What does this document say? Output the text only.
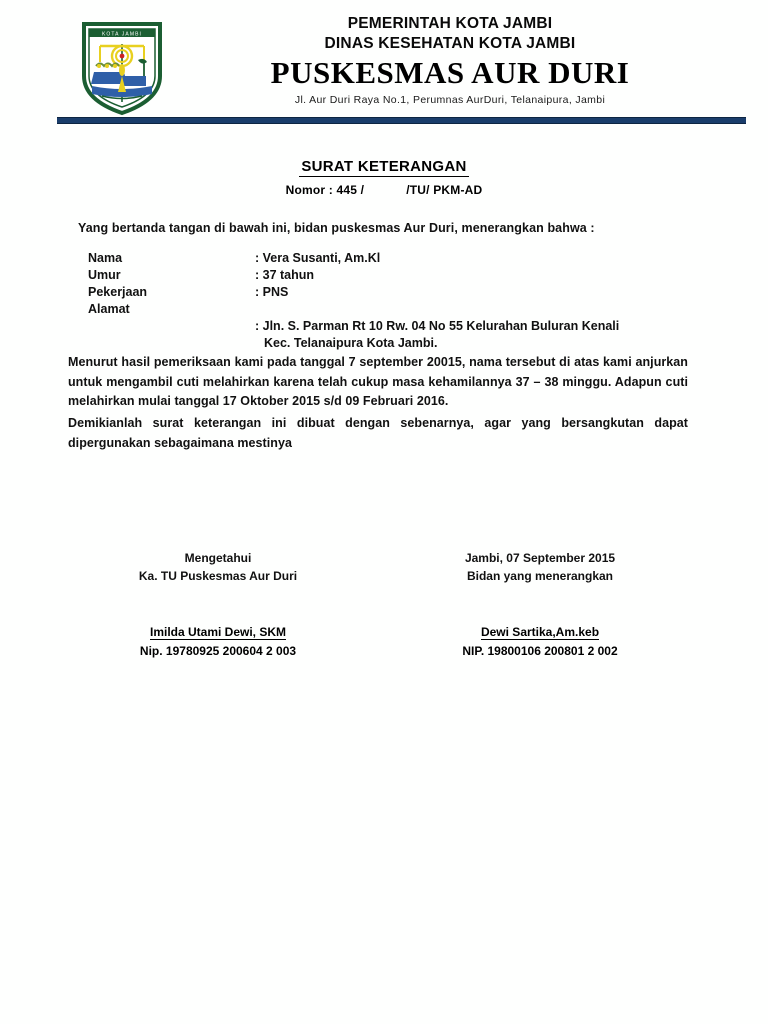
KOTA JAMBI
PEMERINTAH KOTA JAMBI
DINAS KESEHATAN KOTA JAMBI
PUSKESMAS AUR DURI
Jl. Aur Duri Raya No.1, Perumnas AurDuri, Telanaipura, Jambi
SURAT KETERANGAN
Nomor : 445 /	/TU/ PKM-AD
Yang bertanda tangan di bawah ini, bidan puskesmas Aur Duri, menerangkan bahwa :
Nama	: Vera Susanti, Am.Kl
Umur	: 37 tahun
Pekerjaan	: PNS
Alamat

: Jln. S. Parman Rt 10 Rw. 04 No 55 Kelurahan Buluran Kenali

Kec. Telanaipura Kota Jambi.

Menurut hasil pemeriksaan kami pada tanggal 7 september 20015, nama tersebut di atas kami anjurkan untuk mengambil cuti melahirkan karena telah cukup masa kehamilannya 37 – 38 minggu. Adapun cuti melahirkan mulai tanggal 17 Oktober 2015 s/d 09 Februari 2016.
Demikianlah surat keterangan ini dibuat dengan sebenarnya, agar yang bersangkutan dapat dipergunakan sebagaimana mestinya
Mengetahui
Ka. TU Puskesmas Aur Duri
Jambi, 07 September 2015
Bidan yang menerangkan
Imilda Utami Dewi, SKM
Nip. 19780925 200604 2 003
Dewi Sartika,Am.keb
NIP. 19800106 200801 2 002
